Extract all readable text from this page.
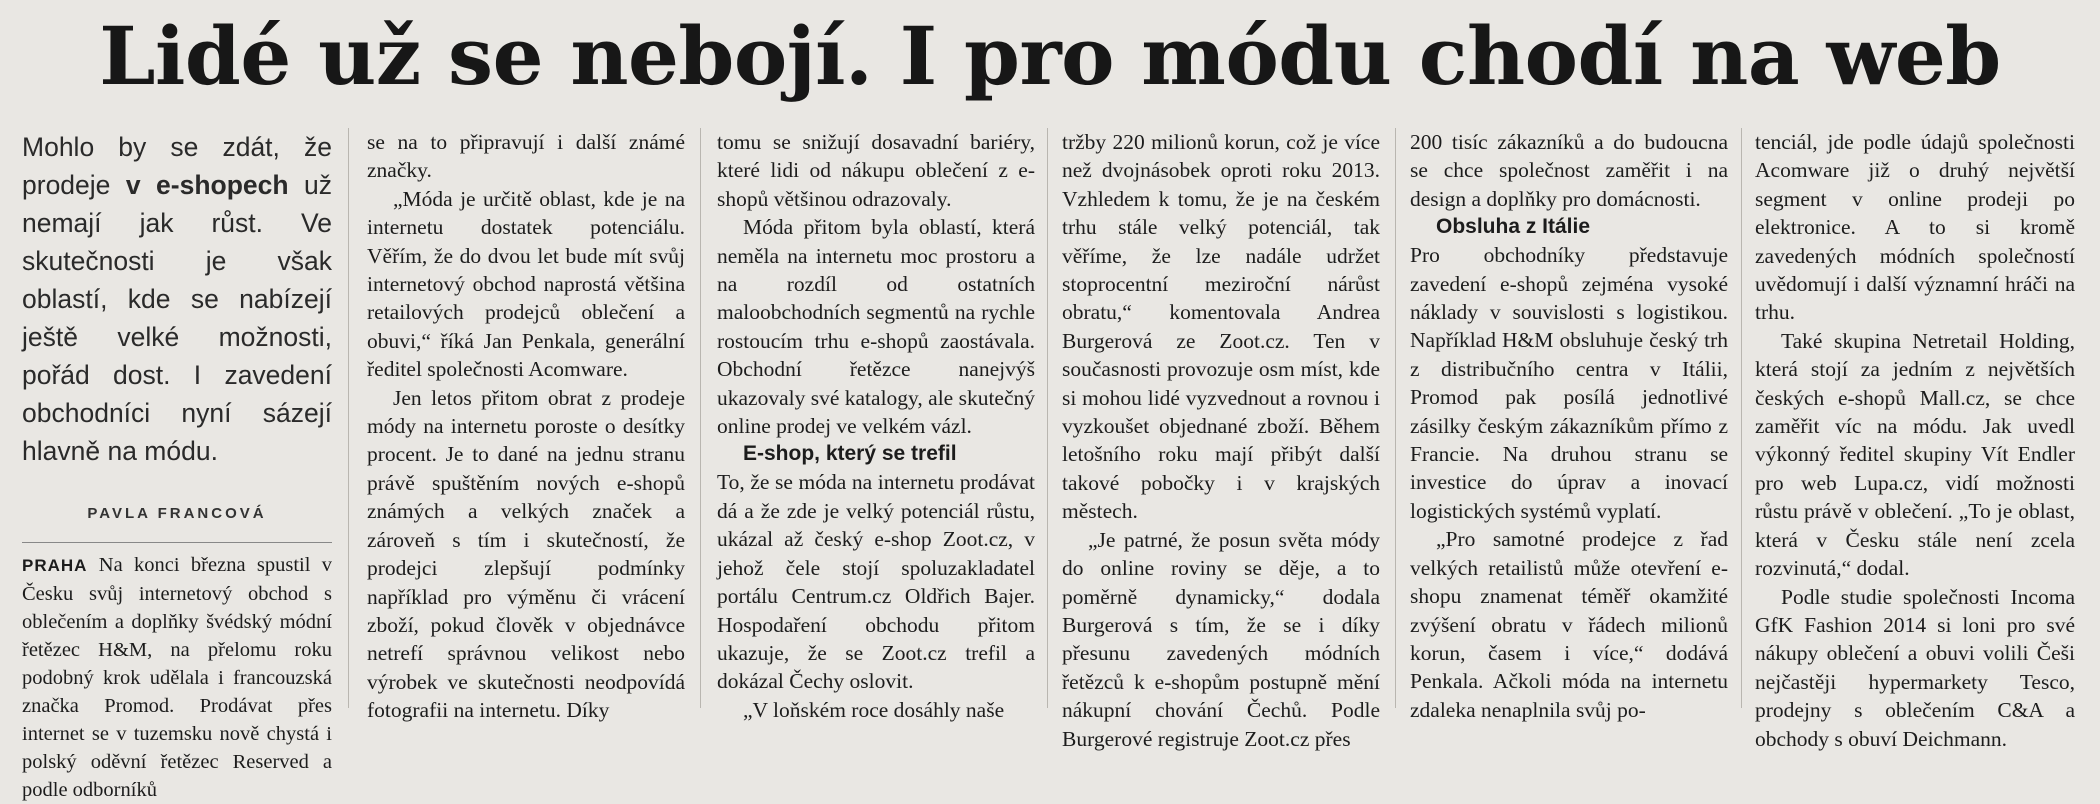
Lidé už se nebojí. I pro módu chodí na web

Mohlo by se zdát, že prodeje v e-shopech už nemají jak růst. Ve skutečnosti je však oblastí, kde se nabízejí ještě velké možnosti, pořád dost. I zavedení obchodníci nyní sázejí hlavně na módu.

PAVLA FRANCOVÁ

PRAHA Na konci března spustil v Česku svůj internetový obchod s oblečením a doplňky švédský módní řetězec H&M, na přelomu roku podobný krok udělala i francouzská značka Promod. Prodávat přes internet se v tuzemsku nově chystá i polský oděvní řetězec Reserved a podle odborníků

se na to připravují i další známé značky.

„Móda je určitě oblast, kde je na internetu dostatek potenciálu. Věřím, že do dvou let bude mít svůj internetový obchod naprostá většina retailových prodejců oblečení a obuvi,“ říká Jan Penkala, generální ředitel společnosti Acomware.

Jen letos přitom obrat z prodeje módy na internetu poroste o desítky procent. Je to dané na jednu stranu právě spuštěním nových e-shopů známých a velkých značek a zároveň s tím i skutečností, že prodejci zlepšují podmínky například pro výměnu či vrácení zboží, pokud člověk v objednávce netrefí správnou velikost nebo výrobek ve skutečnosti neodpovídá fotografii na internetu. Díky

tomu se snižují dosavadní bariéry, které lidi od nákupu oblečení z e-shopů většinou odrazovaly.

Móda přitom byla oblastí, která neměla na internetu moc prostoru a na rozdíl od ostatních maloobchodních segmentů na rychle rostoucím trhu e-shopů zaostávala. Obchodní řetězce nanejvýš ukazovaly své katalogy, ale skutečný online prodej ve velkém vázl.

E-shop, který se trefil

To, že se móda na internetu prodávat dá a že zde je velký potenciál růstu, ukázal až český e-shop Zoot.cz, v jehož čele stojí spoluzakladatel portálu Centrum.cz Oldřich Bajer. Hospodaření obchodu přitom ukazuje, že se Zoot.cz trefil a dokázal Čechy oslovit.

„V loňském roce dosáhly naše

tržby 220 milionů korun, což je více než dvojnásobek oproti roku 2013. Vzhledem k tomu, že je na českém trhu stále velký potenciál, tak věříme, že lze nadále udržet stoprocentní meziroční nárůst obratu,“ komentovala Andrea Burgerová ze Zoot.cz. Ten v současnosti provozuje osm míst, kde si mohou lidé vyzvednout a rovnou i vyzkoušet objednané zboží. Během letošního roku mají přibýt další takové pobočky i v krajských městech.

„Je patrné, že posun světa módy do online roviny se děje, a to poměrně dynamicky,“ dodala Burgerová s tím, že se i díky přesunu zavedených módních řetězců k e-shopům postupně mění nákupní chování Čechů. Podle Burgerové registruje Zoot.cz přes

200 tisíc zákazníků a do budoucna se chce společnost zaměřit i na design a doplňky pro domácnosti.

Obsluha z Itálie

Pro obchodníky představuje zavedení e-shopů zejména vysoké náklady v souvislosti s logistikou. Například H&M obsluhuje český trh z distribučního centra v Itálii, Promod pak posílá jednotlivé zásilky českým zákazníkům přímo z Francie. Na druhou stranu se investice do úprav a inovací logistických systémů vyplatí.

„Pro samotné prodejce z řad velkých retailistů může otevření e-shopu znamenat téměř okamžité zvýšení obratu v řádech milionů korun, časem i více,“ dodává Penkala. Ačkoli móda na internetu zdaleka nenaplnila svůj po-

tenciál, jde podle údajů společnosti Acomware již o druhý největší segment v online prodeji po elektronice. A to si kromě zavedených módních společností uvědomují i další významní hráči na trhu.

Také skupina Netretail Holding, která stojí za jedním z největších českých e-shopů Mall.cz, se chce zaměřit víc na módu. Jak uvedl výkonný ředitel skupiny Vít Endler pro web Lupa.cz, vidí možnosti růstu právě v oblečení. „To je oblast, která v Česku stále není zcela rozvinutá,“ dodal.

Podle studie společnosti Incoma GfK Fashion 2014 si loni pro své nákupy oblečení a obuvi volili Češi nejčastěji hypermarkety Tesco, prodejny s oblečením C&A a obchody s obuví Deichmann.
